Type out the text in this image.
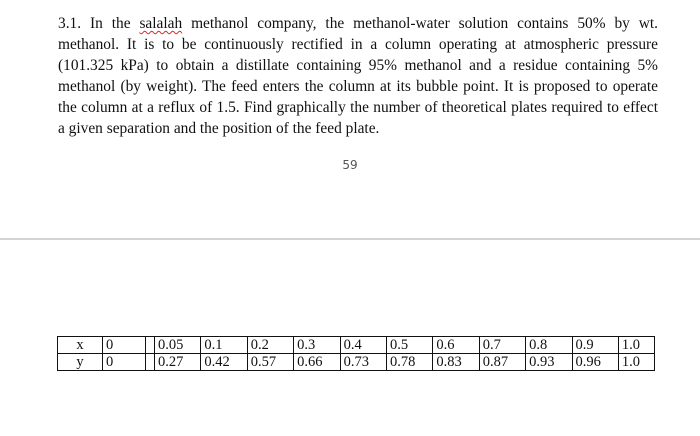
3.1. In the salalah methanol company, the methanol-water solution contains 50% by wt. methanol. It is to be continuously rectified in a column operating at atmospheric pressure (101.325 kPa) to obtain a distillate containing 95% methanol and a residue containing 5% methanol (by weight). The feed enters the column at its bubble point. It is proposed to operate the column at a reflux of 1.5. Find graphically the number of theoretical plates required to effect a given separation and the position of the feed plate.

59
x	0		0.05	0.1	0.2	0.3	0.4	0.5	0.6	0.7	0.8	0.9	1.0
y	0		0.27	0.42	0.57	0.66	0.73	0.78	0.83	0.87	0.93	0.96	1.0
